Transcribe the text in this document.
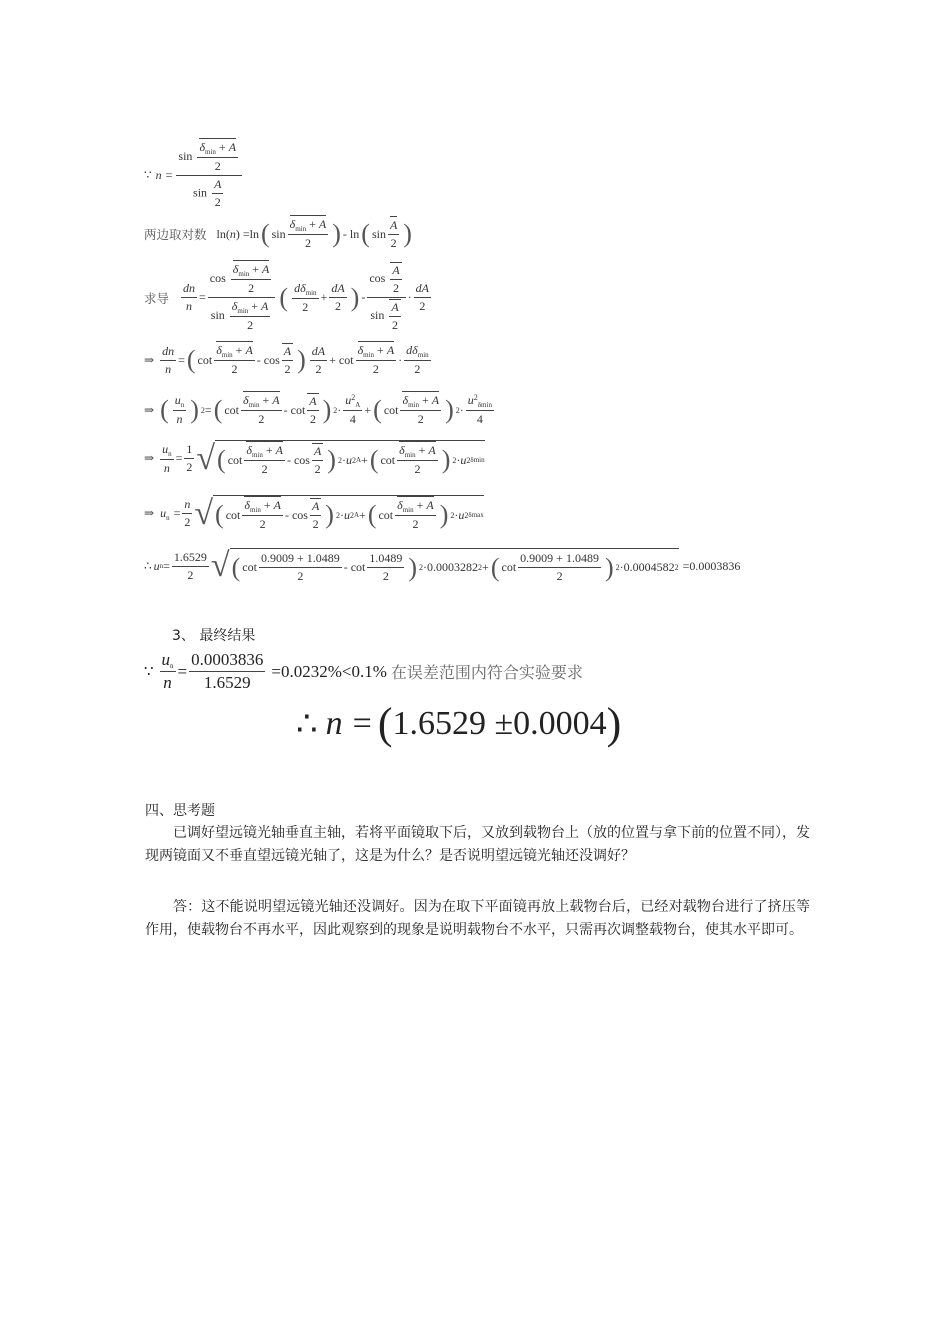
∵ n =
sin
$\delta_{min} + A$
2
$\sin \frac{A}{2}$
两边取对数 ln(n) =ln ( sin
$\delta_{min} + A$
2 ) - ln ( sin
A
2 )
求导
dn
n
=
cos
$\delta_{min} + A$
2
sin
$\delta_{min} + A$
2
( $d\delta_{min}$
2
+
dA
2 ) -
$\cos \frac{A}{2}$
$\sin \frac{A}{2}$
·
dA
2
⇒
dn
n
= ( cot
$\delta_{min} + A$
2
- cos
A
2 ) dA
2
+ cot
$\delta_{min} + A$
2
·
$d\delta_{min}$
2
⇒ ( $u_n$
n ) 2 = ( cot
$\delta_{min} + A$
2
- cot
A
2 ) 2 ·
$u^2_A$
4
+ ( cot
$\delta_{min} + A$
2 ) 2 ·
$u^2_{\delta min}$
4
⇒
$u_n$
n
=
1
2 √ ( cot
$\delta_{min} + A$
2
- cos
A
2 ) 2 · u 2 A + ( cot
$\delta_{min} + A$
2 ) 2 · u 2 δmin
⇒ $u_n$ =
n
2 √ ( cot
$\delta_{min} + A$
2
- cos
A
2 ) 2 · u 2 A + ( cot
$\delta_{min} + A$
2 ) 2 · u 2 δmax
∴ u n =
1.6529
2 √ ( cot
0.9009 + 1.0489
2
- cot
1.0489
2 ) 2 · 0.0003282 2 + ( cot
0.9009 + 1.0489
2 ) 2 · 0.0004582 2 = 0.0003836
3、 最终结果
∵
$u_n$
n
= $\frac{0.0003836}{1.6529} =0.0232\%<0.1\%$ 在误差范围内符合实验要求
∴ n = ( 1.6529 ±0.0004 )
四、思考题
已调好望远镜光轴垂直主轴，若将平面镜取下后，又放到载物台上（放的位置与拿下前的位置不同），发现两镜面又不垂直望远镜光轴了，这是为什么？是否说明望远镜光轴还没调好？
答：这不能说明望远镜光轴还没调好。因为在取下平面镜再放上载物台后，已经对载物台进行了挤压等作用，使载物台不再水平，因此观察到的现象是说明载物台不水平，只需再次调整载物台，使其水平即可。
